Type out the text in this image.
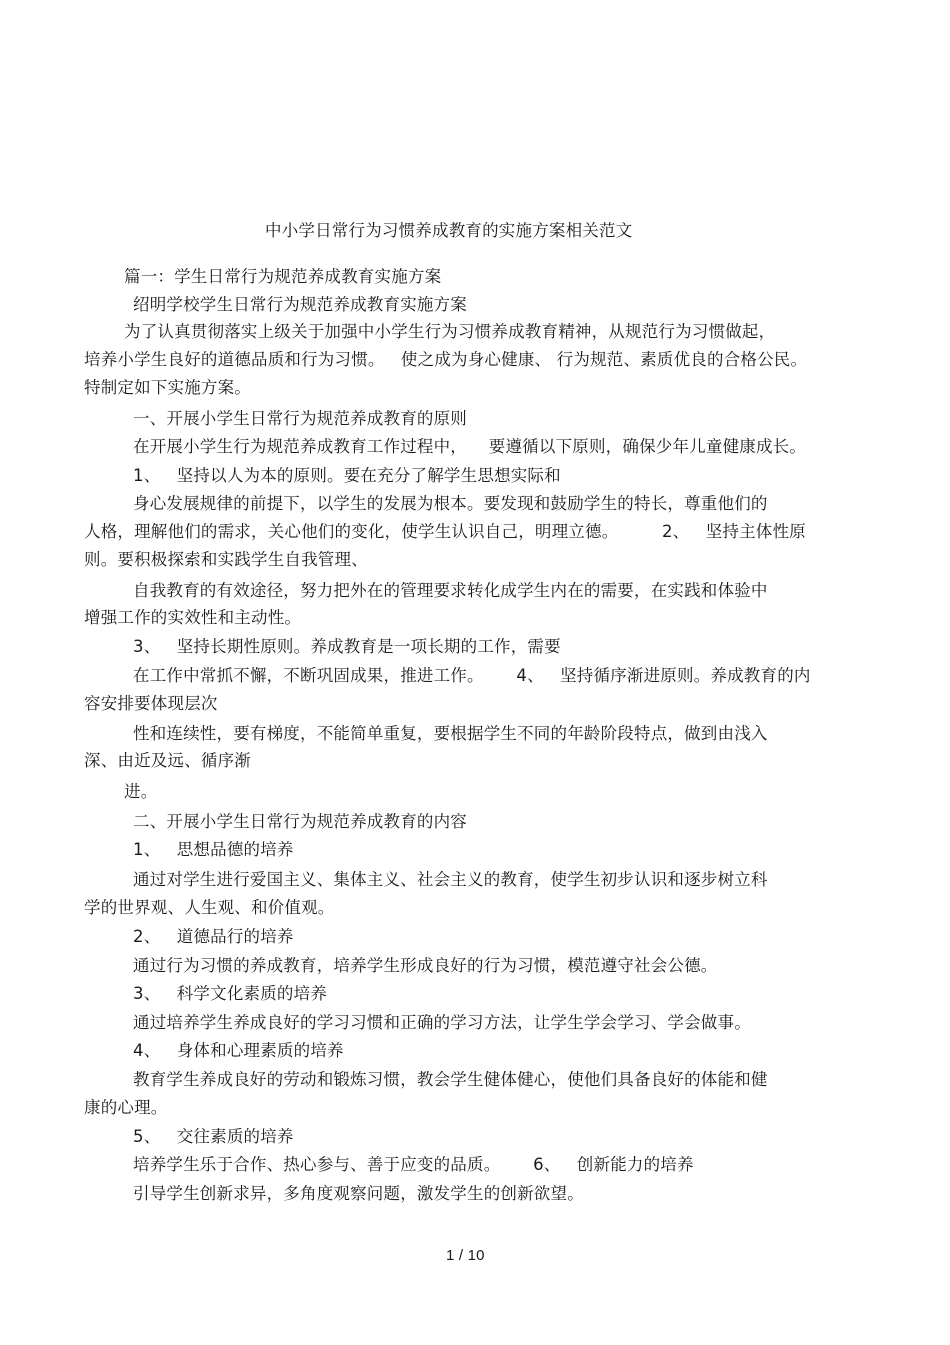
中小学日常行为习惯养成教育的实施方案相关范文
篇一：学生日常行为规范养成教育实施方案
绍明学校学生日常行为规范养成教育实施方案
为了认真贯彻落实上级关于加强中小学生行为习惯养成教育精神，从规范行为习惯做起，
培养小学生良好的道德品质和行为习惯。   使之成为身心健康、 行为规范、素质优良的合格公民。
特制定如下实施方案。
一、开展小学生日常行为规范养成教育的原则
在开展小学生行为规范养成教育工作过程中，    要遵循以下原则，确保少年儿童健康成长。
1、   坚持以人为本的原则。要在充分了解学生思想实际和
身心发展规律的前提下，以学生的发展为根本。要发现和鼓励学生的特长，尊重他们的
人格，理解他们的需求，关心他们的变化，使学生认识自己，明理立德。        2、   坚持主体性原
则。要积极探索和实践学生自我管理、
自我教育的有效途径，努力把外在的管理要求转化成学生内在的需要，在实践和体验中
增强工作的实效性和主动性。
3、   坚持长期性原则。养成教育是一项长期的工作，需要
在工作中常抓不懈，不断巩固成果，推进工作。      4、   坚持循序渐进原则。养成教育的内
容安排要体现层次
性和连续性，要有梯度，不能简单重复，要根据学生不同的年龄阶段特点，做到由浅入
深、由近及远、循序渐
进。
二、开展小学生日常行为规范养成教育的内容
1、   思想品德的培养
通过对学生进行爱国主义、集体主义、社会主义的教育，使学生初步认识和逐步树立科
学的世界观、人生观、和价值观。
2、   道德品行的培养
通过行为习惯的养成教育，培养学生形成良好的行为习惯，模范遵守社会公德。
3、   科学文化素质的培养
通过培养学生养成良好的学习习惯和正确的学习方法，让学生学会学习、学会做事。
4、   身体和心理素质的培养
教育学生养成良好的劳动和锻炼习惯，教会学生健体健心，使他们具备良好的体能和健
康的心理。
5、   交往素质的培养
培养学生乐于合作、热心参与、善于应变的品质。      6、   创新能力的培养
引导学生创新求异，多角度观察问题，激发学生的创新欲望。
1 / 10
